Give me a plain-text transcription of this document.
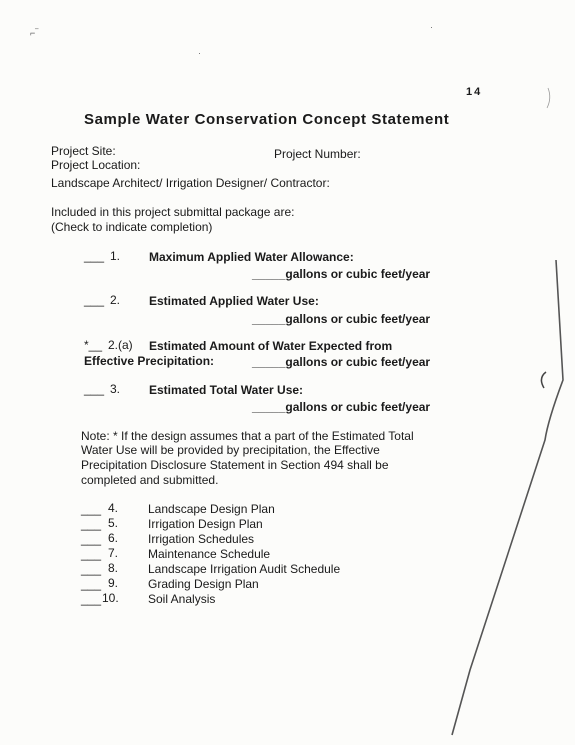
⌐‾
·
·
14
Sample Water Conservation Concept Statement
Project Site:	Project Number:
Project Location:
Landscape Architect/ Irrigation Designer/ Contractor:
Included in this project submittal package are:
(Check to indicate completion)
___ 1. Maximum Applied Water Allowance:
_____gallons or cubic feet/year
___ 2. Estimated Applied Water Use:
_____gallons or cubic feet/year
*__ 2.(a) Estimated Amount of Water Expected from
Effective Precipitation:	_____gallons or cubic feet/year
___ 3. Estimated Total Water Use:
_____gallons or cubic feet/year
Note: * If the design assumes that a part of the Estimated Total
Water Use will be provided by precipitation, the Effective
Precipitation Disclosure Statement in Section 494 shall be
completed and submitted.
___ 4. Landscape Design Plan
___ 5. Irrigation Design Plan
___ 6. Irrigation Schedules
___ 7. Maintenance Schedule
___ 8. Landscape Irrigation Audit Schedule
___ 9. Grading Design Plan
___ 10. Soil Analysis
